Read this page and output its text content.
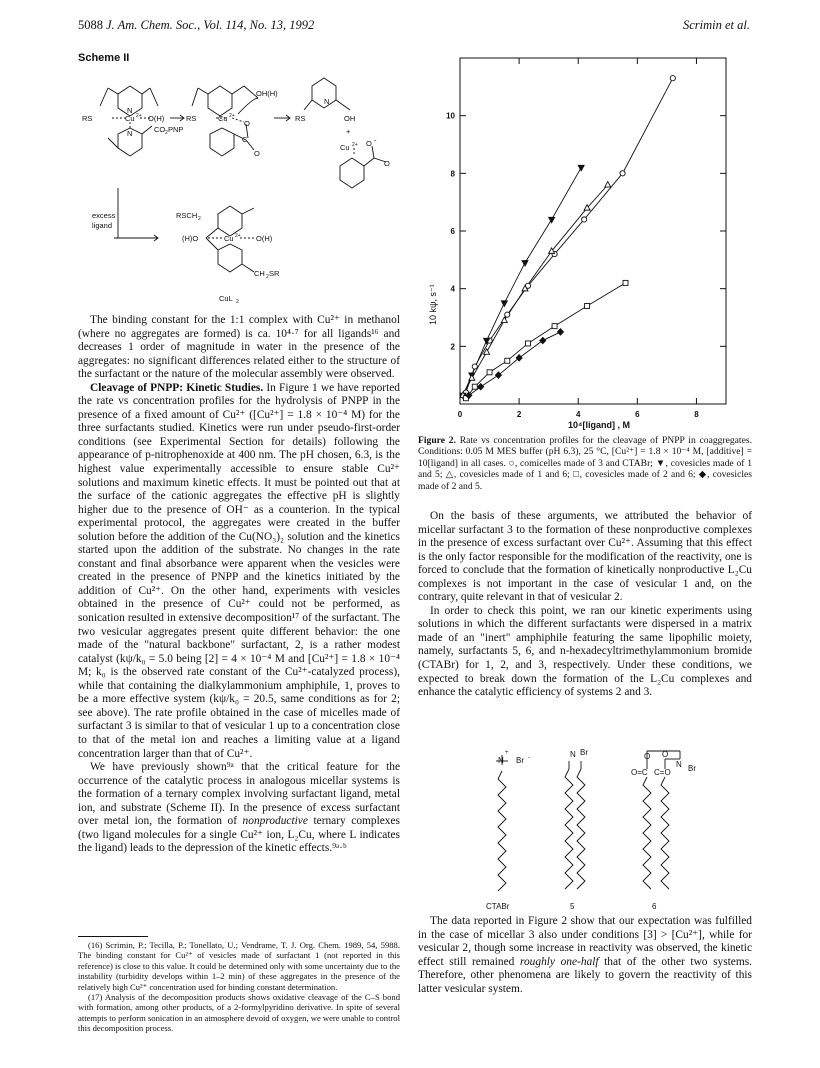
5088 J. Am. Chem. Soc., Vol. 114, No. 13, 1992	Scrimin et al.
Scheme II
RS	Cu 2+ O(H)
CO 2 PNP
N
N
RS	Cu 2+
OH(H)
O
C
O
RS	OH
N
+
Cu 2+ O -
O
excess
ligand
RSCH 2
(H)O	Cu 2+ O(H)
CH 2 SR
CuL 2

The binding constant for the 1:1 complex with Cu²⁺ in methanol (where no aggregates are formed) is ca. 10⁴·⁷ for all ligands¹⁶ and decreases 1 order of magnitude in water in the presence of the aggregates: no significant differences related either to the structure of the surfactant or the nature of the molecular assembly were observed.

Cleavage of PNPP: Kinetic Studies. In Figure 1 we have reported the rate vs concentration profiles for the hydrolysis of PNPP in the presence of a fixed amount of Cu²⁺ ([Cu²⁺] = 1.8 × 10⁻⁴ M) for the three surfactants studied. Kinetics were run under pseudo-first-order conditions (see Experimental Section for details) following the appearance of p-nitrophenoxide at 400 nm. The pH chosen, 6.3, is the highest value experimentally accessible to ensure stable Cu²⁺ solutions and maximum kinetic effects. It must be pointed out that at the surface of the cationic aggregates the effective pH is slightly higher due to the presence of OH⁻ as a counterion. In the typical experimental protocol, the aggregates were created in the buffer solution before the addition of the Cu(NO₃)₂ solution and the kinetics started upon the addition of the substrate. No changes in the rate constant and final absorbance were apparent when the vesicles were created in the presence of PNPP and the kinetics initiated by the addition of Cu²⁺. On the other hand, experiments with vesicles obtained in the presence of Cu²⁺ could not be performed, as sonication resulted in extensive decomposition¹⁷ of the surfactant. The two vesicular aggregates present quite different behavior: the one made of the "natural backbone" surfactant, 2, is a rather modest catalyst (kψ/k₀ = 5.0 being [2] = 4 × 10⁻⁴ M and [Cu²⁺] = 1.8 × 10⁻⁴ M; k₀ is the observed rate constant of the Cu²⁺-catalyzed process), while that containing the dialkylammonium amphiphile, 1, proves to be a more effective system (kψ/k₀ = 20.5, same conditions as for 2; see above). The rate profile obtained in the case of micelles made of surfactant 3 is similar to that of vesicular 1 up to a concentration close to that of the metal ion and reaches a limiting value at a ligand concentration larger than that of Cu²⁺.

We have previously shown⁹ᵃ that the critical feature for the occurrence of the catalytic process in analogous micellar systems is the formation of a ternary complex involving surfactant ligand, metal ion, and substrate (Scheme II). In the presence of excess surfactant over metal ion, the formation of nonproductive ternary complexes (two ligand molecules for a single Cu²⁺ ion, L₂Cu, where L indicates the ligand) leads to the depression of the kinetic effects.⁹ᵃ·ᵇ

(16) Scrimin, P.; Tecilla, P.; Tonellato, U.; Vendrame, T. J. Org. Chem. 1989, 54, 5988. The binding constant for Cu²⁺ of vesicles made of surfactant 1 (not reported in this reference) is close to this value. It could be determined only with some uncertainty due to the instability (turbidity develops within 1–2 min) of these aggregates in the presence of the relatively high Cu²⁺ concentration used for binding constant determination.

(17) Analysis of the decomposition products shows oxidative cleavage of the C–S bond with formation, among other products, of a 2-formylpyridino derivative. In spite of several attempts to perform sonication in an atmosphere devoid of oxygen, we were unable to control this decomposition process.

0	2	4	6	8
2
4
6
8
10
10 kψ, s⁻¹
10⁴[ligand] , M
Figure 2. Rate vs concentration profiles for the cleavage of PNPP in coaggregates. Conditions: 0.05 M MES buffer (pH 6.3), 25 °C, [Cu²⁺] = 1.8 × 10⁻⁴ M, [additive] = 10[ligand] in all cases. ○, comicelles made of 3 and CTABr; ▼, covesicles made of 1 and 5; △, covesicles made of 1 and 6; □, covesicles made of 2 and 6; ◆, covesicles made of 2 and 5.

On the basis of these arguments, we attributed the behavior of micellar surfactant 3 to the formation of these nonproductive complexes in the presence of excess surfactant over Cu²⁺. Assuming that this effect is the only factor responsible for the modification of the reactivity, one is forced to conclude that the formation of kinetically nonproductive L₂Cu complexes is not important in the case of vesicular 1 and, on the contrary, quite relevant in that of vesicular 2.

In order to check this point, we ran our kinetic experiments using solutions in which the different surfactants were dispersed in a matrix made of an "inert" amphiphile featuring the same lipophilic moiety, namely, surfactants 5, 6, and n-hexadecyltrimethylammonium bromide (CTABr) for 1, 2, and 3, respectively. Under these conditions, we expected to break down the formation of the L₂Cu complexes and enhance the catalytic efficiency of systems 2 and 3.

N
+
Br -	N Br
O=C C=O
O O
N Br
CTABr	5	6

The data reported in Figure 2 show that our expectation was fulfilled in the case of micellar 3 also under conditions [3] > [Cu²⁺], while for vesicular 2, though some increase in reactivity was observed, the kinetic effect still remained roughly one-half that of the other two systems. Therefore, other phenomena are likely to govern the reactivity of this latter vesicular system.
